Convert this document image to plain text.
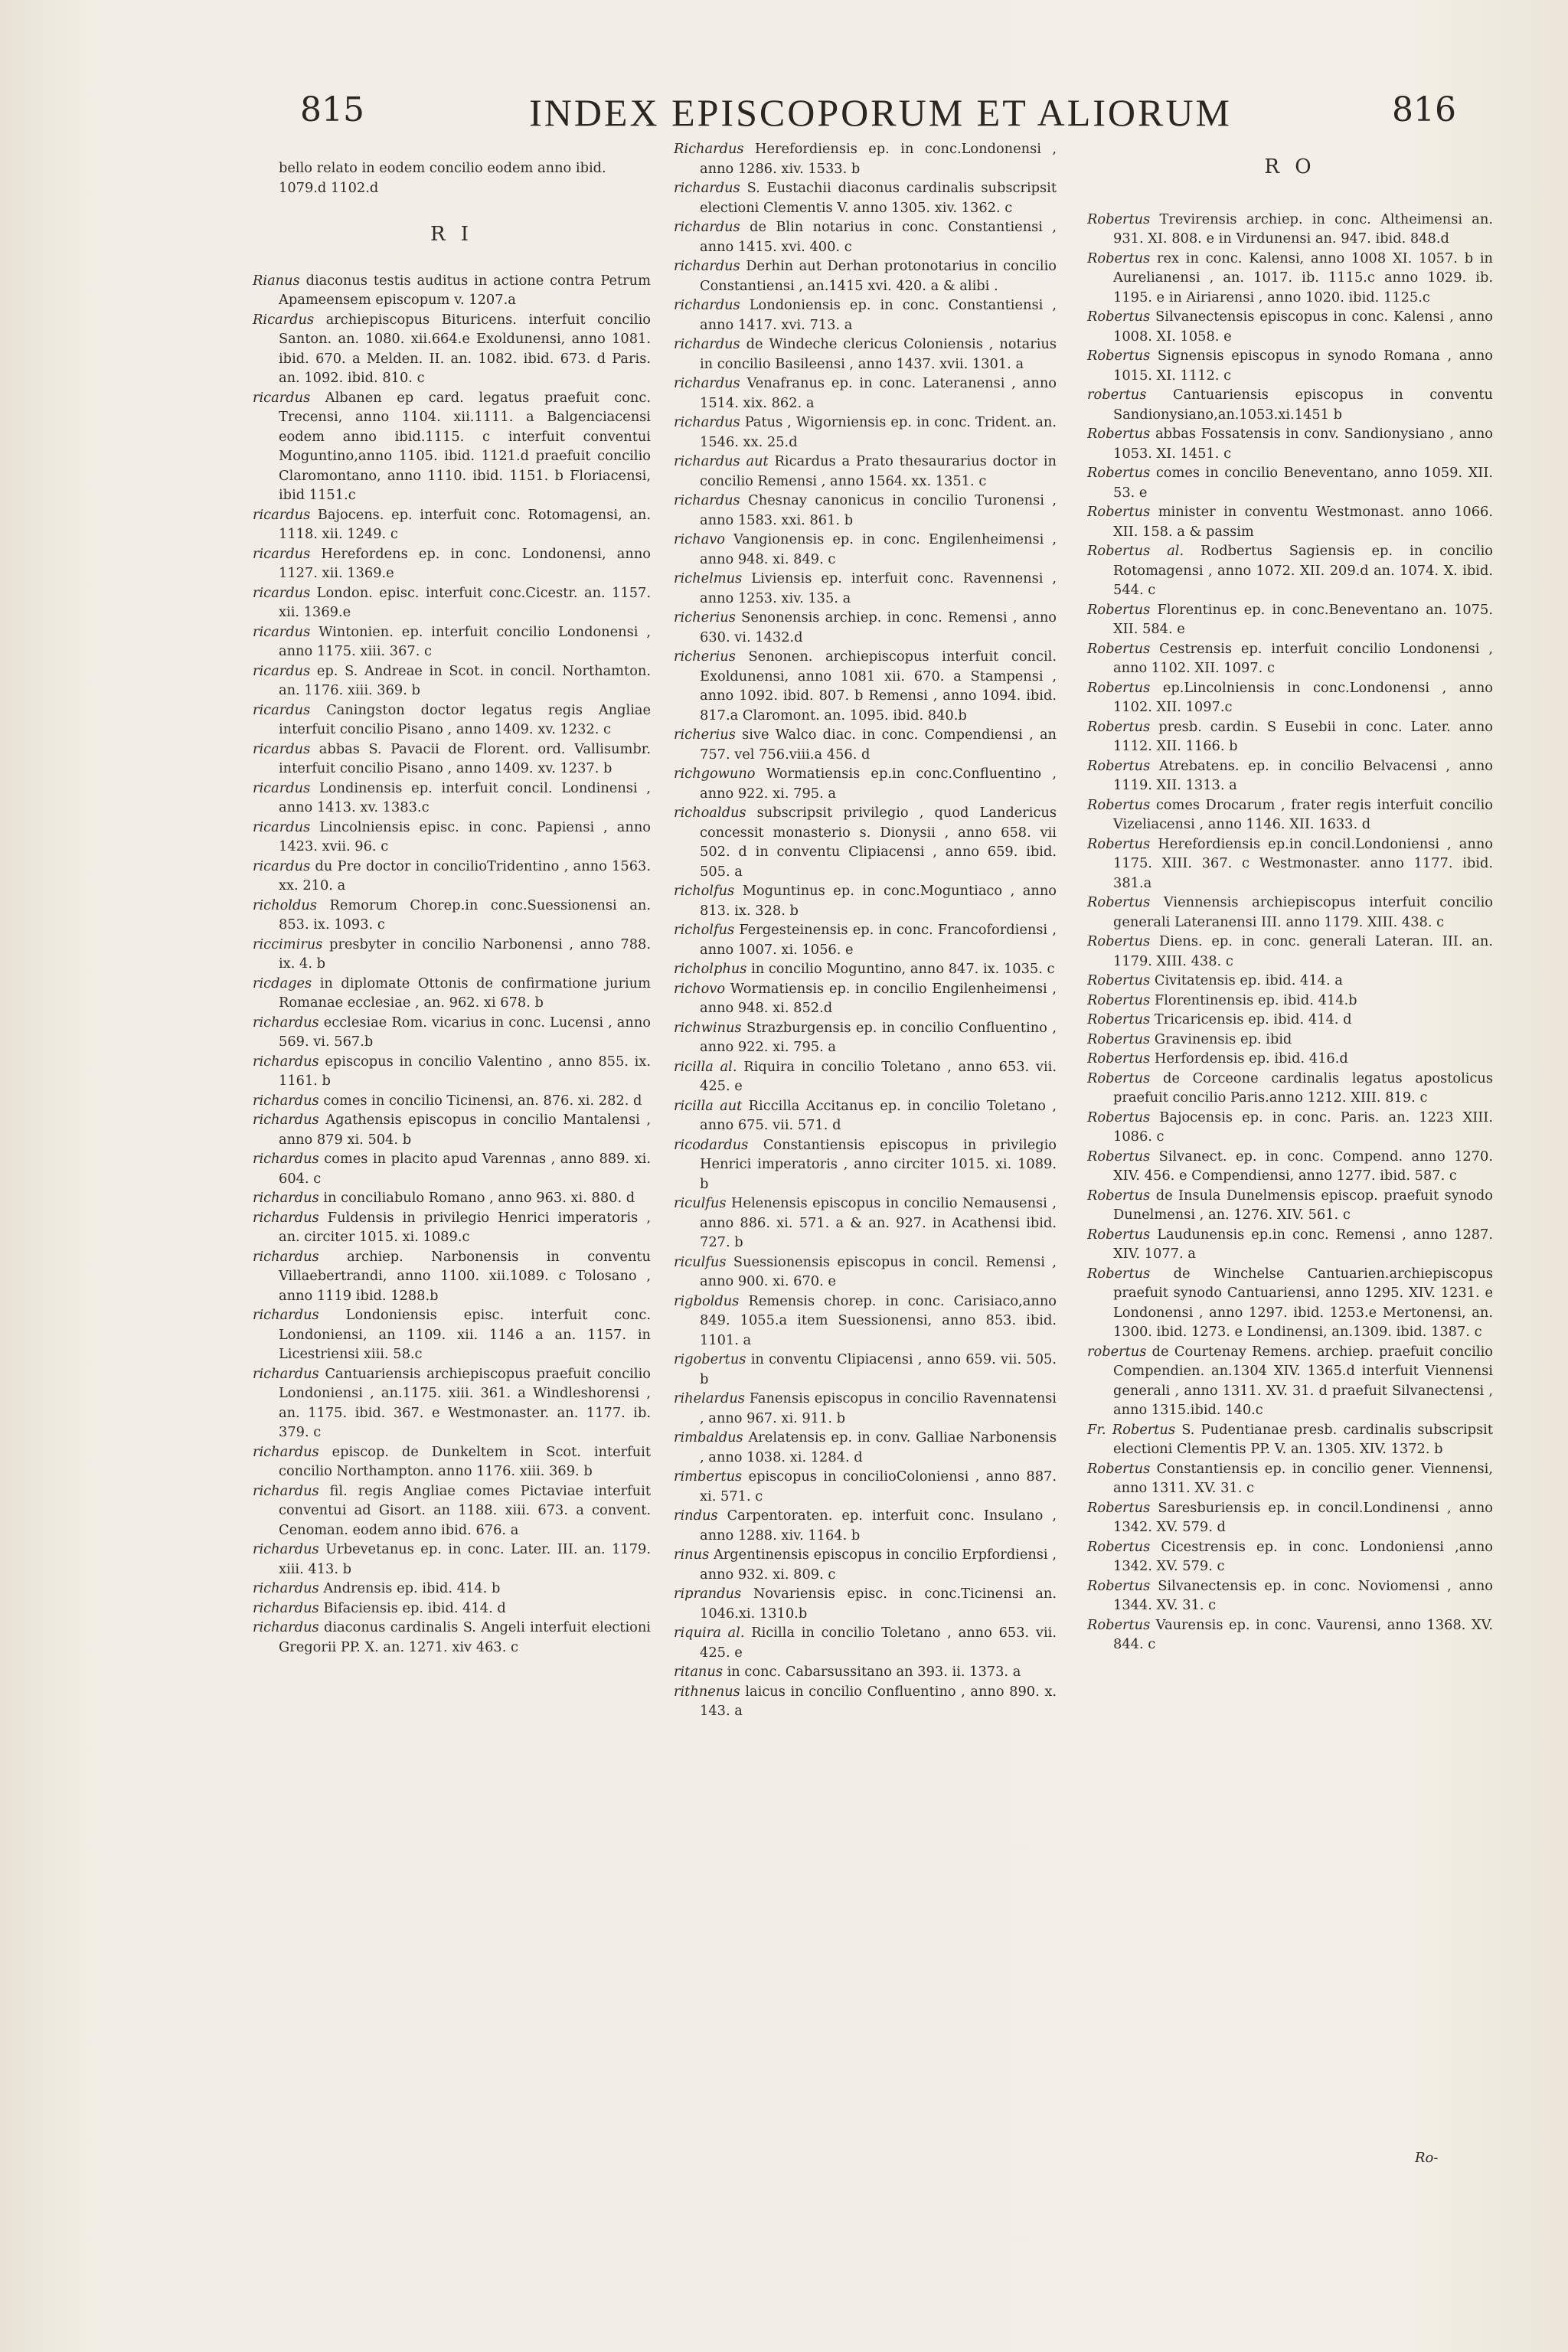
815	INDEX EPISCOPORUM ET ALIORUM	816
bello relato in eodem concilio eodem anno ibid. 1079.d 1102.d
R I
Rianus diaconus testis auditus in actione contra Petrum Apameensem episcopum v. 1207.a
Ricardus archiepiscopus Bituricens. interfuit concilio Santon. an. 1080. xii.664.e Exoldunensi, anno 1081. ibid. 670. a Melden. II. an. 1082. ibid. 673. d Paris. an. 1092. ibid. 810. c
ricardus Albanen ep card. legatus praefuit conc. Trecensi, anno 1104. xii.1111. a Balgenciacensi eodem anno ibid.1115. c interfuit conventui Moguntino,anno 1105. ibid. 1121.d praefuit concilio Claromontano, anno 1110. ibid. 1151. b Floriacensi, ibid 1151.c
ricardus Bajocens. ep. interfuit conc. Rotomagensi, an. 1118. xii. 1249. c
ricardus Herefordens ep. in conc. Londonensi, anno 1127. xii. 1369.e
ricardus London. episc. interfuit conc.Cicestr. an. 1157. xii. 1369.e
ricardus Wintonien. ep. interfuit concilio Londonensi , anno 1175. xiii. 367. c
ricardus ep. S. Andreae in Scot. in concil. Northamton. an. 1176. xiii. 369. b
ricardus Caningston doctor legatus regis Angliae interfuit concilio Pisano , anno 1409. xv. 1232. c
ricardus abbas S. Pavacii de Florent. ord. Vallisumbr. interfuit concilio Pisano , anno 1409. xv. 1237. b
ricardus Londinensis ep. interfuit concil. Londinensi , anno 1413. xv. 1383.c
ricardus Lincolniensis episc. in conc. Papiensi , anno 1423. xvii. 96. c
ricardus du Pre doctor in concilioTridentino , anno 1563. xx. 210. a
richoldus Remorum Chorep.in conc.Suessionensi an. 853. ix. 1093. c
riccimirus presbyter in concilio Narbonensi , anno 788. ix. 4. b
ricdages in diplomate Ottonis de confirmatione jurium Romanae ecclesiae , an. 962. xi 678. b
richardus ecclesiae Rom. vicarius in conc. Lucensi , anno 569. vi. 567.b
richardus episcopus in concilio Valentino , anno 855. ix. 1161. b
richardus comes in concilio Ticinensi, an. 876. xi. 282. d
richardus Agathensis episcopus in concilio Mantalensi , anno 879 xi. 504. b
richardus comes in placito apud Varennas , anno 889. xi. 604. c
richardus in conciliabulo Romano , anno 963. xi. 880. d
richardus Fuldensis in privilegio Henrici imperatoris , an. circiter 1015. xi. 1089.c
richardus archiep. Narbonensis in conventu Villaebertrandi, anno 1100. xii.1089. c Tolosano , anno 1119 ibid. 1288.b
richardus Londoniensis episc. interfuit conc. Londoniensi, an 1109. xii. 1146 a an. 1157. in Licestriensi xiii. 58.c
richardus Cantuariensis archiepiscopus praefuit concilio Londoniensi , an.1175. xiii. 361. a Windleshorensi , an. 1175. ibid. 367. e Westmonaster. an. 1177. ib. 379. c
richardus episcop. de Dunkeltem in Scot. interfuit concilio Northampton. anno 1176. xiii. 369. b
richardus fil. regis Angliae comes Pictaviae interfuit conventui ad Gisort. an 1188. xiii. 673. a convent. Cenoman. eodem anno ibid. 676. a
richardus Urbevetanus ep. in conc. Later. III. an. 1179. xiii. 413. b
richardus Andrensis ep. ibid. 414. b
richardus Bifaciensis ep. ibid. 414. d
richardus diaconus cardinalis S. Angeli interfuit electioni Gregorii PP. X. an. 1271. xiv 463. c
Richardus Herefordiensis ep. in conc.Londonensi , anno 1286. xiv. 1533. b
richardus S. Eustachii diaconus cardinalis subscripsit electioni Clementis V. anno 1305. xiv. 1362. c
richardus de Blin notarius in conc. Constantiensi , anno 1415. xvi. 400. c
richardus Derhin aut Derhan protonotarius in concilio Constantiensi , an.1415 xvi. 420. a & alibi .
richardus Londoniensis ep. in conc. Constantiensi , anno 1417. xvi. 713. a
richardus de Windeche clericus Coloniensis , notarius in concilio Basileensi , anno 1437. xvii. 1301. a
richardus Venafranus ep. in conc. Lateranensi , anno 1514. xix. 862. a
richardus Patus , Wigorniensis ep. in conc. Trident. an. 1546. xx. 25.d
richardus aut Ricardus a Prato thesaurarius doctor in concilio Remensi , anno 1564. xx. 1351. c
richardus Chesnay canonicus in concilio Turonensi , anno 1583. xxi. 861. b
richavo Vangionensis ep. in conc. Engilenheimensi , anno 948. xi. 849. c
richelmus Liviensis ep. interfuit conc. Ravennensi , anno 1253. xiv. 135. a
richerius Senonensis archiep. in conc. Remensi , anno 630. vi. 1432.d
richerius Senonen. archiepiscopus interfuit concil. Exoldunensi, anno 1081 xii. 670. a Stampensi , anno 1092. ibid. 807. b Remensi , anno 1094. ibid. 817.a Claromont. an. 1095. ibid. 840.b
richerius sive Walco diac. in conc. Compendiensi , an 757. vel 756.viii.a 456. d
richgowuno Wormatiensis ep.in conc.Confluentino , anno 922. xi. 795. a
richoaldus subscripsit privilegio , quod Landericus concessit monasterio s. Dionysii , anno 658. vii 502. d in conventu Clipiacensi , anno 659. ibid. 505. a
richolfus Moguntinus ep. in conc.Moguntiaco , anno 813. ix. 328. b
richolfus Fergesteinensis ep. in conc. Francofordiensi , anno 1007. xi. 1056. e
richolphus in concilio Moguntino, anno 847. ix. 1035. c
richovo Wormatiensis ep. in concilio Engilenheimensi , anno 948. xi. 852.d
richwinus Strazburgensis ep. in concilio Confluentino , anno 922. xi. 795. a
ricilla al. Riquira in concilio Toletano , anno 653. vii. 425. e
ricilla aut Riccilla Accitanus ep. in concilio Toletano , anno 675. vii. 571. d
ricodardus Constantiensis episcopus in privilegio Henrici imperatoris , anno circiter 1015. xi. 1089. b
riculfus Helenensis episcopus in concilio Nemausensi , anno 886. xi. 571. a & an. 927. in Acathensi ibid. 727. b
riculfus Suessionensis episcopus in concil. Remensi , anno 900. xi. 670. e
rigboldus Remensis chorep. in conc. Carisiaco,anno 849. 1055.a item Suessionensi, anno 853. ibid. 1101. a
rigobertus in conventu Clipiacensi , anno 659. vii. 505. b
rihelardus Fanensis episcopus in concilio Ravennatensi , anno 967. xi. 911. b
rimbaldus Arelatensis ep. in conv. Galliae Narbonensis , anno 1038. xi. 1284. d
rimbertus episcopus in concilioColoniensi , anno 887. xi. 571. c
rindus Carpentoraten. ep. interfuit conc. Insulano , anno 1288. xiv. 1164. b
rinus Argentinensis episcopus in concilio Erpfordiensi , anno 932. xi. 809. c
riprandus Novariensis episc. in conc.Ticinensi an. 1046.xi. 1310.b
riquira al. Ricilla in concilio Toletano , anno 653. vii. 425. e
ritanus in conc. Cabarsussitano an 393. ii. 1373. a
rithnenus laicus in concilio Confluentino , anno 890. x. 143. a
R O
Robertus Trevirensis archiep. in conc. Altheimensi an. 931. XI. 808. e in Virdunensi an. 947. ibid. 848.d
Robertus rex in conc. Kalensi, anno 1008 XI. 1057. b in Aurelianensi , an. 1017. ib. 1115.c anno 1029. ib. 1195. e in Airiarensi , anno 1020. ibid. 1125.c
Robertus Silvanectensis episcopus in conc. Kalensi , anno 1008. XI. 1058. e
Robertus Signensis episcopus in synodo Romana , anno 1015. XI. 1112. c
robertus Cantuariensis episcopus in conventu Sandionysiano,an.1053.xi.1451 b
Robertus abbas Fossatensis in conv. Sandionysiano , anno 1053. XI. 1451. c
Robertus comes in concilio Beneventano, anno 1059. XII. 53. e
Robertus minister in conventu Westmonast. anno 1066. XII. 158. a & passim
Robertus al. Rodbertus Sagiensis ep. in concilio Rotomagensi , anno 1072. XII. 209.d an. 1074. X. ibid. 544. c
Robertus Florentinus ep. in conc.Beneventano an. 1075. XII. 584. e
Robertus Cestrensis ep. interfuit concilio Londonensi , anno 1102. XII. 1097. c
Robertus ep.Lincolniensis in conc.Londonensi , anno 1102. XII. 1097.c
Robertus presb. cardin. S Eusebii in conc. Later. anno 1112. XII. 1166. b
Robertus Atrebatens. ep. in concilio Belvacensi , anno 1119. XII. 1313. a
Robertus comes Drocarum , frater regis interfuit concilio Vizeliacensi , anno 1146. XII. 1633. d
Robertus Herefordiensis ep.in concil.Londoniensi , anno 1175. XIII. 367. c Westmonaster. anno 1177. ibid. 381.a
Robertus Viennensis archiepiscopus interfuit concilio generali Lateranensi III. anno 1179. XIII. 438. c
Robertus Diens. ep. in conc. generali Lateran. III. an. 1179. XIII. 438. c
Robertus Civitatensis ep. ibid. 414. a
Robertus Florentinensis ep. ibid. 414.b
Robertus Tricaricensis ep. ibid. 414. d
Robertus Gravinensis ep. ibid
Robertus Herfordensis ep. ibid. 416.d
Robertus de Corceone cardinalis legatus apostolicus praefuit concilio Paris.anno 1212. XIII. 819. c
Robertus Bajocensis ep. in conc. Paris. an. 1223 XIII. 1086. c
Robertus Silvanect. ep. in conc. Compend. anno 1270. XIV. 456. e Compendiensi, anno 1277. ibid. 587. c
Robertus de Insula Dunelmensis episcop. praefuit synodo Dunelmensi , an. 1276. XIV. 561. c
Robertus Laudunensis ep.in conc. Remensi , anno 1287. XIV. 1077. a
Robertus de Winchelse Cantuarien.archiepiscopus praefuit synodo Cantuariensi, anno 1295. XIV. 1231. e Londonensi , anno 1297. ibid. 1253.e Mertonensi, an. 1300. ibid. 1273. e Londinensi, an.1309. ibid. 1387. c
robertus de Courtenay Remens. archiep. praefuit concilio Compendien. an.1304 XIV. 1365.d interfuit Viennensi generali , anno 1311. XV. 31. d praefuit Silvanectensi , anno 1315.ibid. 140.c
Fr. Robertus S. Pudentianae presb. cardinalis subscripsit electioni Clementis PP. V. an. 1305. XIV. 1372. b
Robertus Constantiensis ep. in concilio gener. Viennensi, anno 1311. XV. 31. c
Robertus Saresburiensis ep. in concil.Londinensi , anno 1342. XV. 579. d
Robertus Cicestrensis ep. in conc. Londoniensi ,anno 1342. XV. 579. c
Robertus Silvanectensis ep. in conc. Noviomensi , anno 1344. XV. 31. c
Robertus Vaurensis ep. in conc. Vaurensi, anno 1368. XV. 844. c
Ro-
